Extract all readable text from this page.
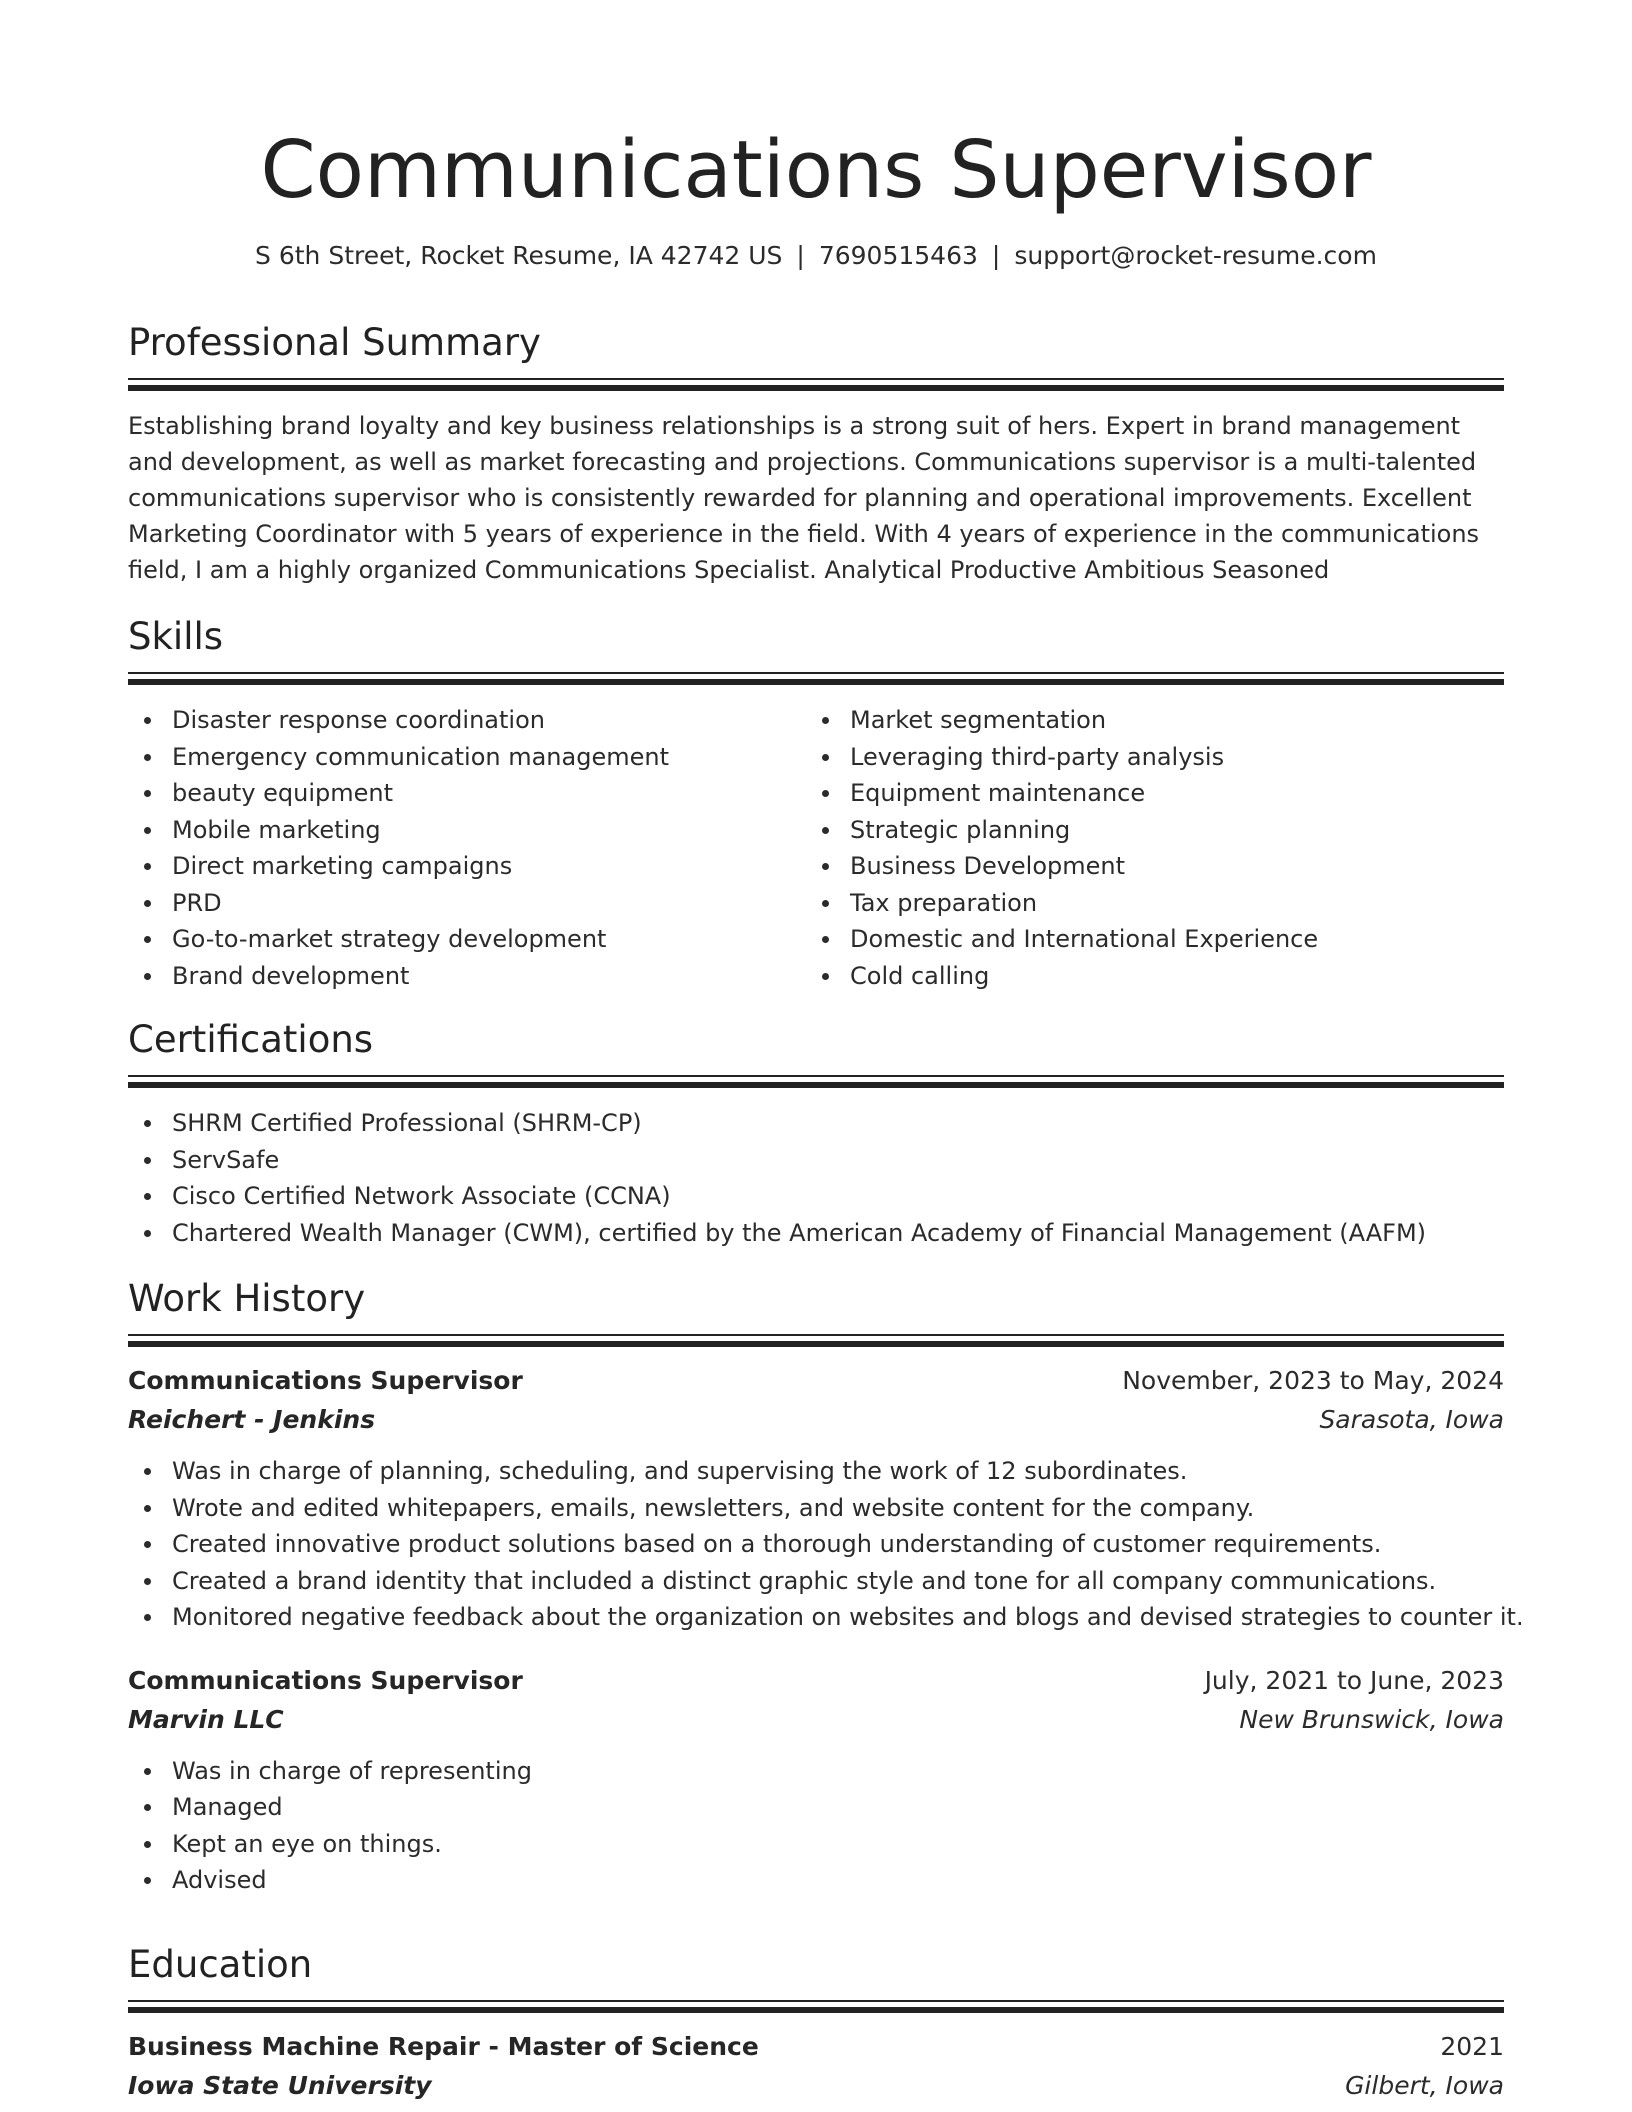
Communications Supervisor
S 6th Street, Rocket Resume, IA 42742 US | 7690515463 | support@rocket-resume.com
Professional Summary

Establishing brand loyalty and key business relationships is a strong suit of hers. Expert in brand management and development, as well as market forecasting and projections. Communications supervisor is a multi-talented communications supervisor who is consistently rewarded for planning and operational improvements. Excellent Marketing Coordinator with 5 years of experience in the field. With 4 years of experience in the communications field, I am a highly organized Communications Specialist. Analytical Productive Ambitious Seasoned

Skills
Disaster response coordination
Emergency communication management
beauty equipment
Mobile marketing
Direct marketing campaigns
PRD
Go-to-market strategy development
Brand development
Market segmentation
Leveraging third-party analysis
Equipment maintenance
Strategic planning
Business Development
Tax preparation
Domestic and International Experience
Cold calling
Certifications
SHRM Certified Professional (SHRM-CP)
ServSafe
Cisco Certified Network Associate (CCNA)
Chartered Wealth Manager (CWM), certified by the American Academy of Financial Management (AAFM)
Work History
Communications Supervisor	November, 2023 to May, 2024
Reichert - Jenkins	Sarasota, Iowa
Was in charge of planning, scheduling, and supervising the work of 12 subordinates.
Wrote and edited whitepapers, emails, newsletters, and website content for the company.
Created innovative product solutions based on a thorough understanding of customer requirements.
Created a brand identity that included a distinct graphic style and tone for all company communications.
Monitored negative feedback about the organization on websites and blogs and devised strategies to counter it.
Communications Supervisor	July, 2021 to June, 2023
Marvin LLC	New Brunswick, Iowa
Was in charge of representing
Managed
Kept an eye on things.
Advised
Education
Business Machine Repair - Master of Science	2021
Iowa State University	Gilbert, Iowa
